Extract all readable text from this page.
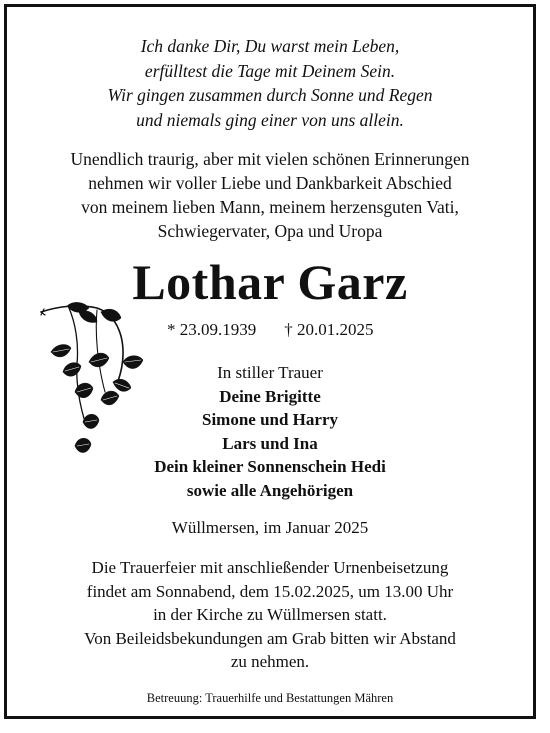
Ich danke Dir, Du warst mein Leben,
erfülltest die Tage mit Deinem Sein.
Wir gingen zusammen durch Sonne und Regen
und niemals ging einer von uns allein.
Unendlich traurig, aber mit vielen schönen Erinnerungen
nehmen wir voller Liebe und Dankbarkeit Abschied
von meinem lieben Mann, meinem herzensguten Vati,
Schwiegervater, Opa und Uropa
Lothar Garz
* 23.09.1939 † 20.01.2025
In stiller Trauer
Deine Brigitte
Simone und Harry
Lars und Ina
Dein kleiner Sonnenschein Hedi
sowie alle Angehörigen
Wüllmersen, im Januar 2025
Die Trauerfeier mit anschließender Urnenbeisetzung
findet am Sonnabend, dem 15.02.2025, um 13.00 Uhr
in der Kirche zu Wüllmersen statt.
Von Beileidsbekundungen am Grab bitten wir Abstand
zu nehmen.
Betreuung: Trauerhilfe und Bestattungen Mähren
